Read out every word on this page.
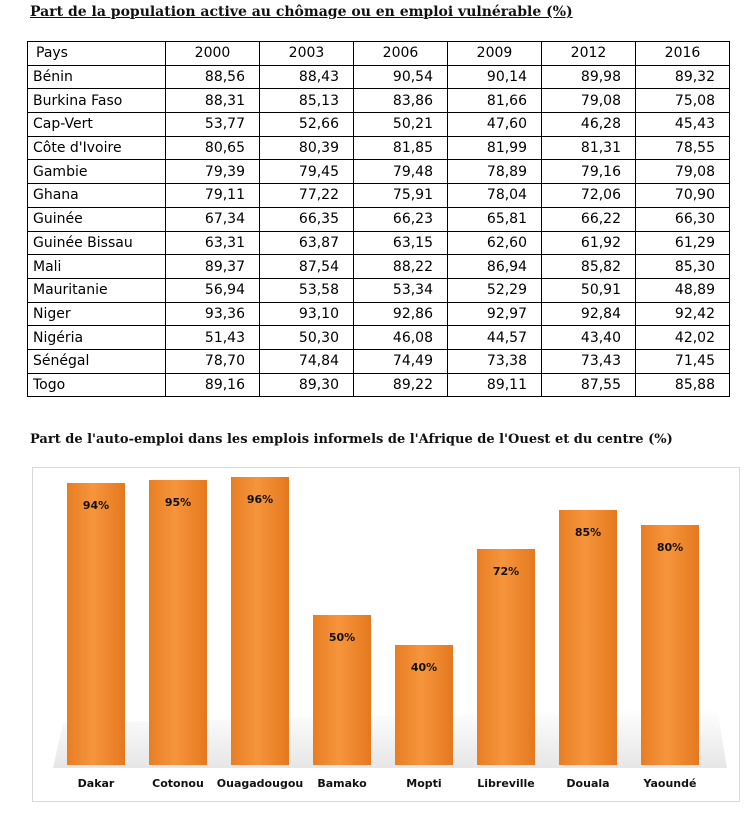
Part de la population active au chômage ou en emploi vulnérable (%)
Pays	2000	2003	2006	2009	2012	2016
Bénin	88,56	88,43	90,54	90,14	89,98	89,32
Burkina Faso	88,31	85,13	83,86	81,66	79,08	75,08
Cap-Vert	53,77	52,66	50,21	47,60	46,28	45,43
Côte d'Ivoire	80,65	80,39	81,85	81,99	81,31	78,55
Gambie	79,39	79,45	79,48	78,89	79,16	79,08
Ghana	79,11	77,22	75,91	78,04	72,06	70,90
Guinée	67,34	66,35	66,23	65,81	66,22	66,30
Guinée Bissau	63,31	63,87	63,15	62,60	61,92	61,29
Mali	89,37	87,54	88,22	86,94	85,82	85,30
Mauritanie	56,94	53,58	53,34	52,29	50,91	48,89
Niger	93,36	93,10	92,86	92,97	92,84	92,42
Nigéria	51,43	50,30	46,08	44,57	43,40	42,02
Sénégal	78,70	74,84	74,49	73,38	73,43	71,45
Togo	89,16	89,30	89,22	89,11	87,55	85,88
Part de l'auto-emploi dans les emplois informels de l'Afrique de l'Ouest et du centre (%)
94%
Dakar
95%
Cotonou
96%
Ouagadougou
50%
Bamako
40%
Mopti
72%
Libreville
85%
Douala
80%
Yaoundé
